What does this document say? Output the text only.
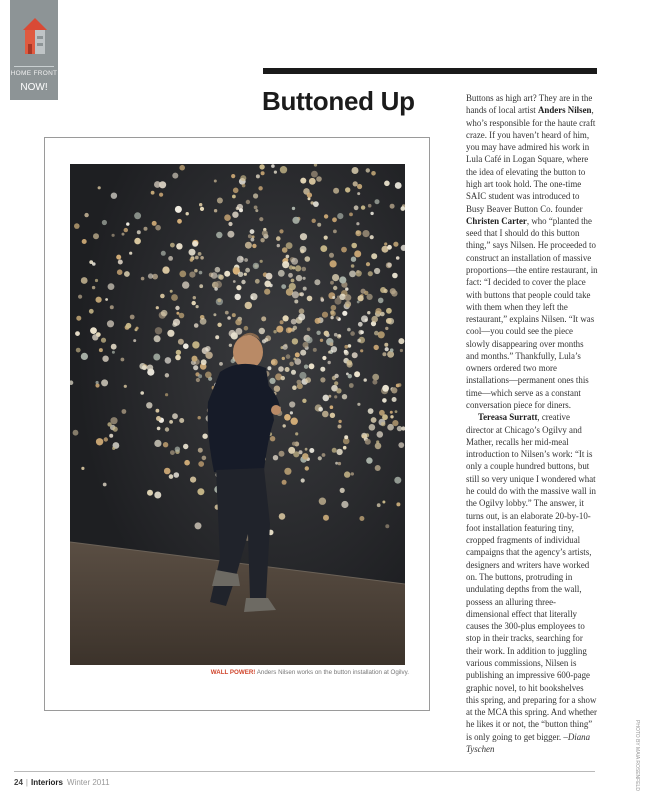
HOME FRONT
NOW!	Buttoned Up
WALL POWER! Anders Nilsen works on the button installation at Ogilvy.

Buttons as high art? They are in the hands of local artist Anders Nilsen, who’s responsible for the haute craft craze. If you haven’t heard of him, you may have admired his work in Lula Café in Logan Square, where the idea of elevating the button to high art took hold. The one-time SAIC student was introduced to Busy Beaver Button Co. founder Christen Carter, who “planted the seed that I should do this button thing,” says Nilsen. He proceeded to construct an installation of massive proportions—the entire restaurant, in fact: “I decided to cover the place with buttons that people could take with them when they left the restaurant,” explains Nilsen. “It was cool—you could see the piece slowly disappearing over months and months.” Thankfully, Lula’s owners ordered two more installations—permanent ones this time—which serve as a constant conversation piece for diners.

Tereasa Surratt, creative director at Chicago’s Ogilvy and Mather, recalls her mid-meal introduction to Nilsen’s work: “It is only a couple hundred buttons, but still so very unique I wondered what he could do with the massive wall in the Ogilvy lobby.” The answer, it turns out, is an elaborate 20-by-10-foot installation featuring tiny, cropped fragments of individual campaigns that the agency’s artists, designers and writers have worked on. The buttons, protruding in undulating depths from the wall, possess an alluring three-dimensional effect that literally causes the 300-plus employees to stop in their tracks, searching for their work. In addition to juggling various commissions, Nilsen is publishing an impressive 600-page graphic novel, to hit bookshelves this spring, and preparing for a show at the MCA this spring. And whether he likes it or not, the “button thing” is only going to get bigger. –Diana Tyschen	PHOTO BY MAIA ROSENFELD
24 | Interiors Winter 2011
